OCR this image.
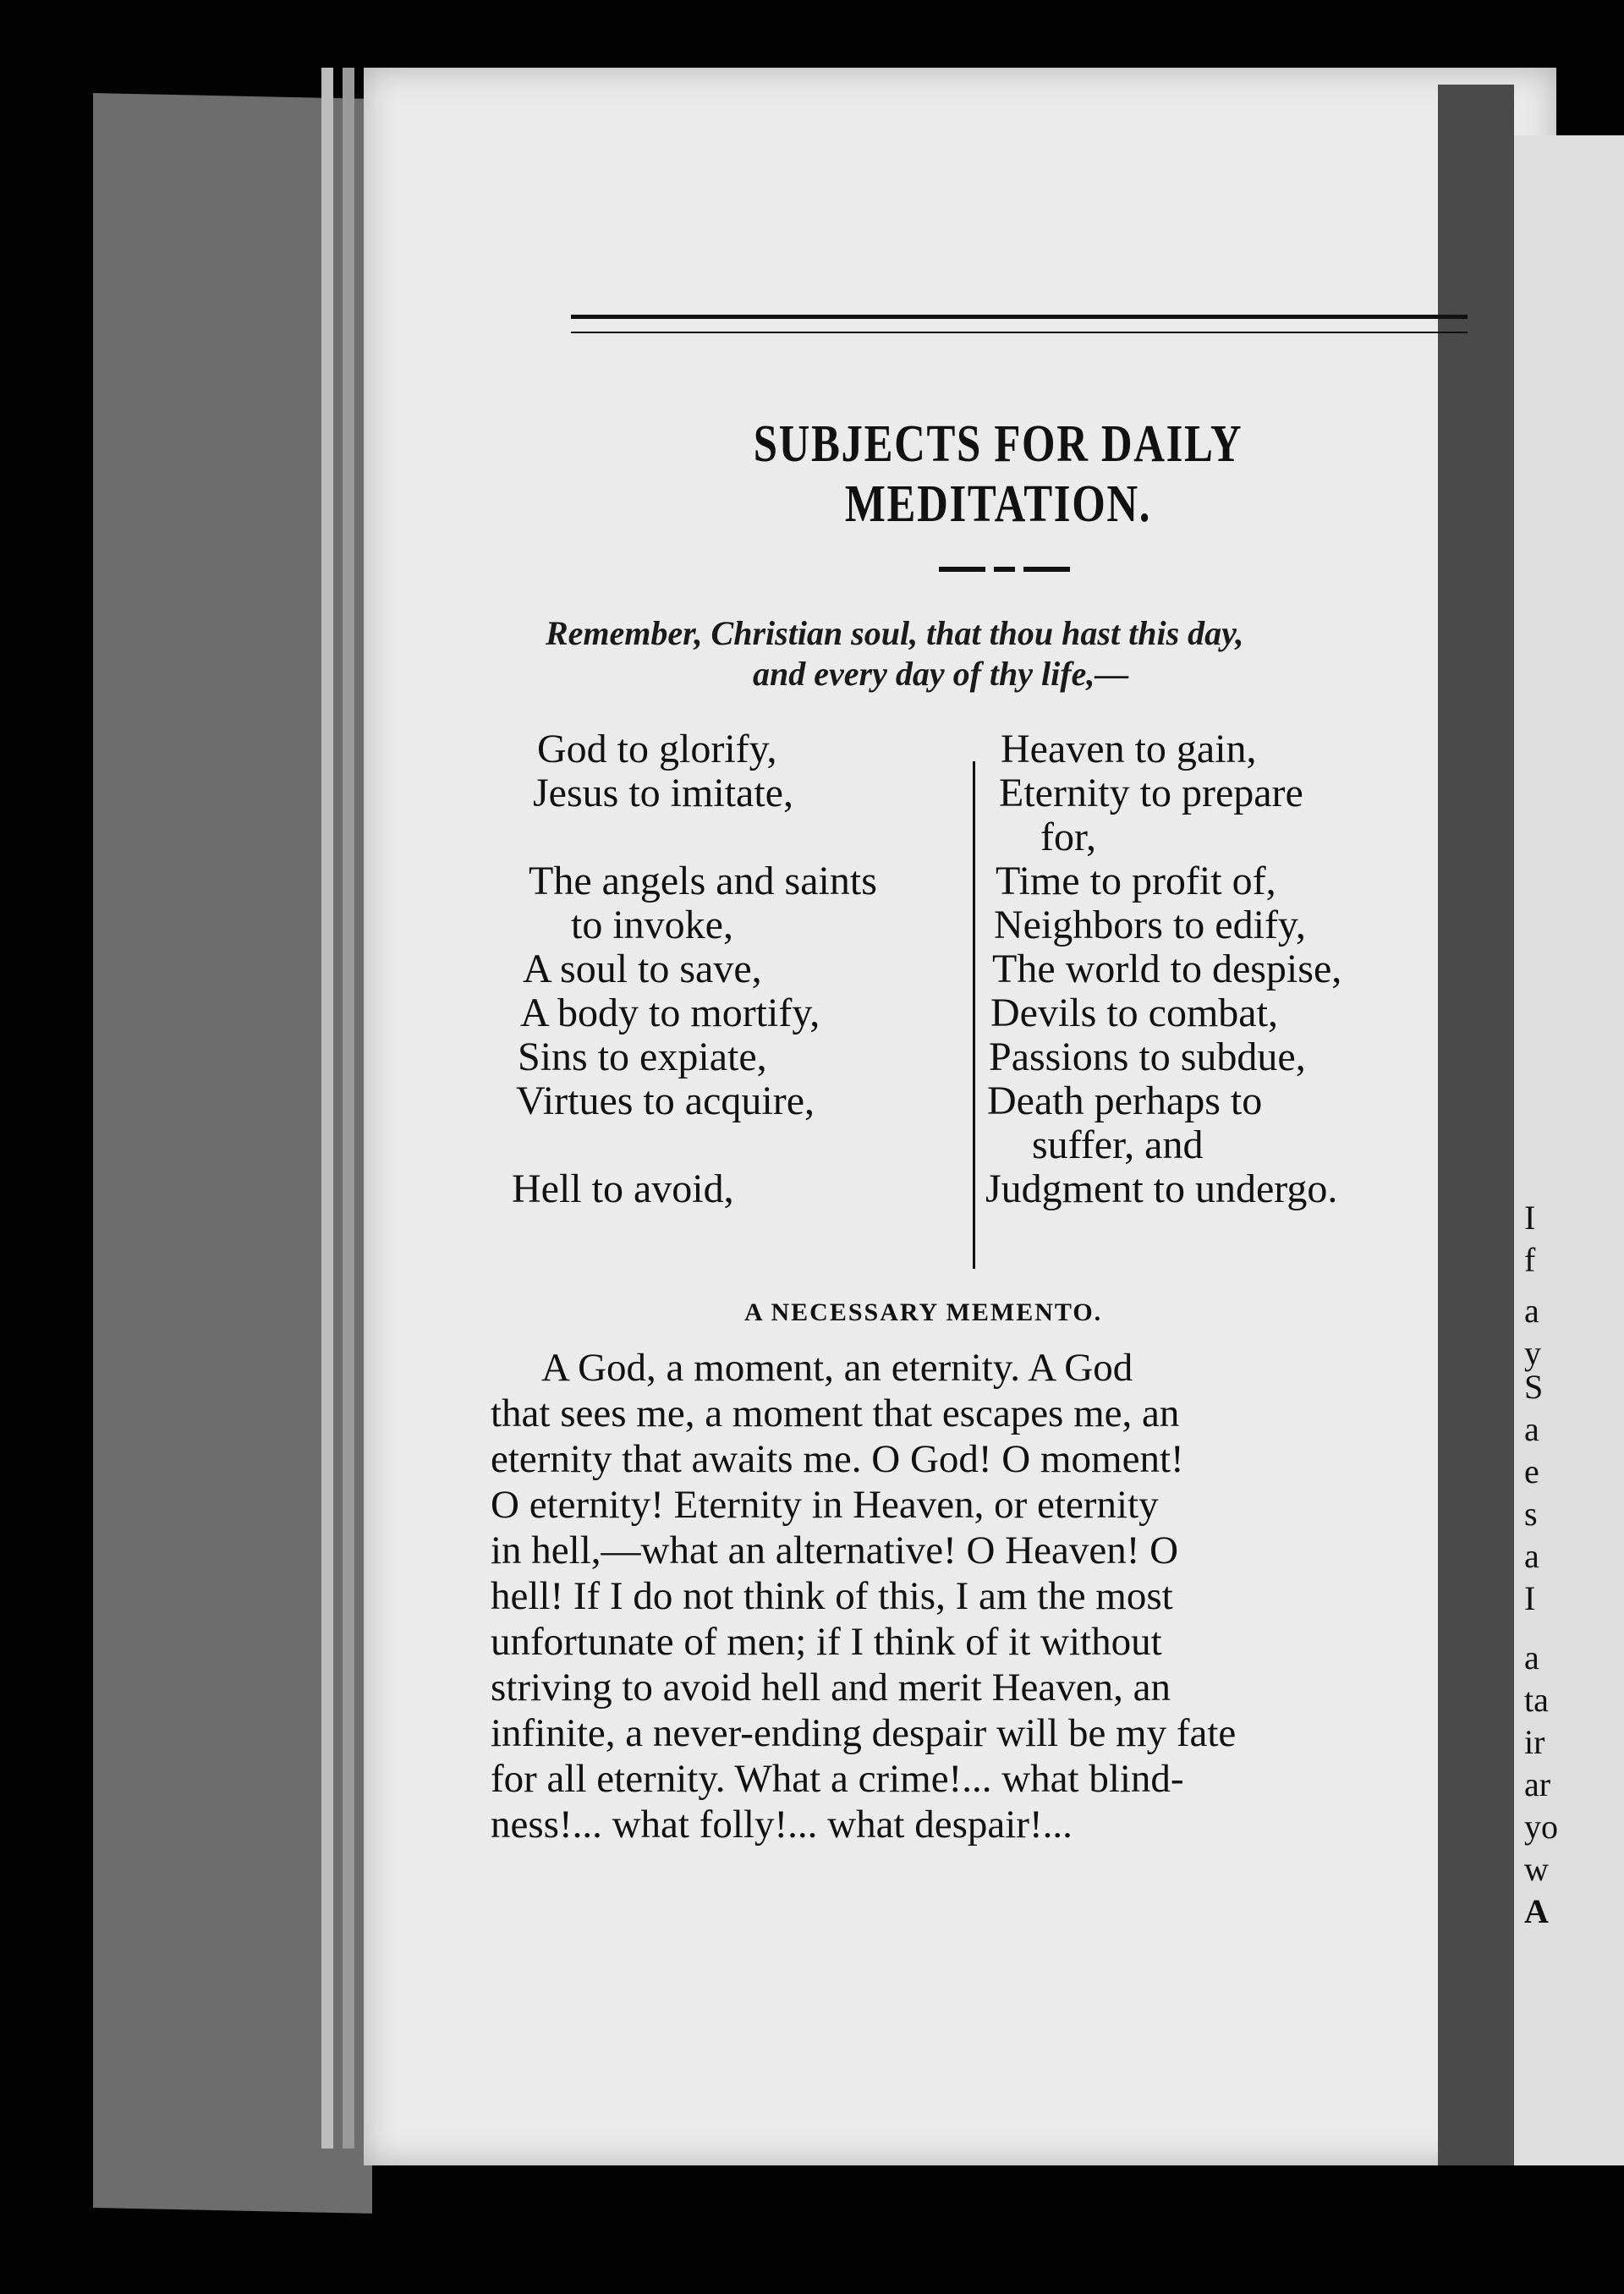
I
f
a
y
S
a
e
s
a
I
a
ta
ir
ar
yo
w
A
SUBJECTS FOR DAILY MEDITATION.
Remember, Christian soul, that thou hast this day,
and every day of thy life,—
God to glorify,
Jesus to imitate,
The angels and saints
to invoke,
A soul to save,
A body to mortify,
Sins to expiate,
Virtues to acquire,
Hell to avoid,
Heaven to gain,
Eternity to prepare
for,
Time to profit of,
Neighbors to edify,
The world to despise,
Devils to combat,
Passions to subdue,
Death perhaps to
suffer, and
Judgment to undergo.
A NECESSARY MEMENTO.
A God, a moment, an eternity. A God
that sees me, a moment that escapes me, an
eternity that awaits me. O God! O moment!
O eternity! Eternity in Heaven, or eternity
in hell,—what an alternative! O Heaven! O
hell! If I do not think of this, I am the most
unfortunate of men; if I think of it without
striving to avoid hell and merit Heaven, an
infinite, a never-ending despair will be my fate
for all eternity. What a crime!... what blind-
ness!... what folly!... what despair!...
